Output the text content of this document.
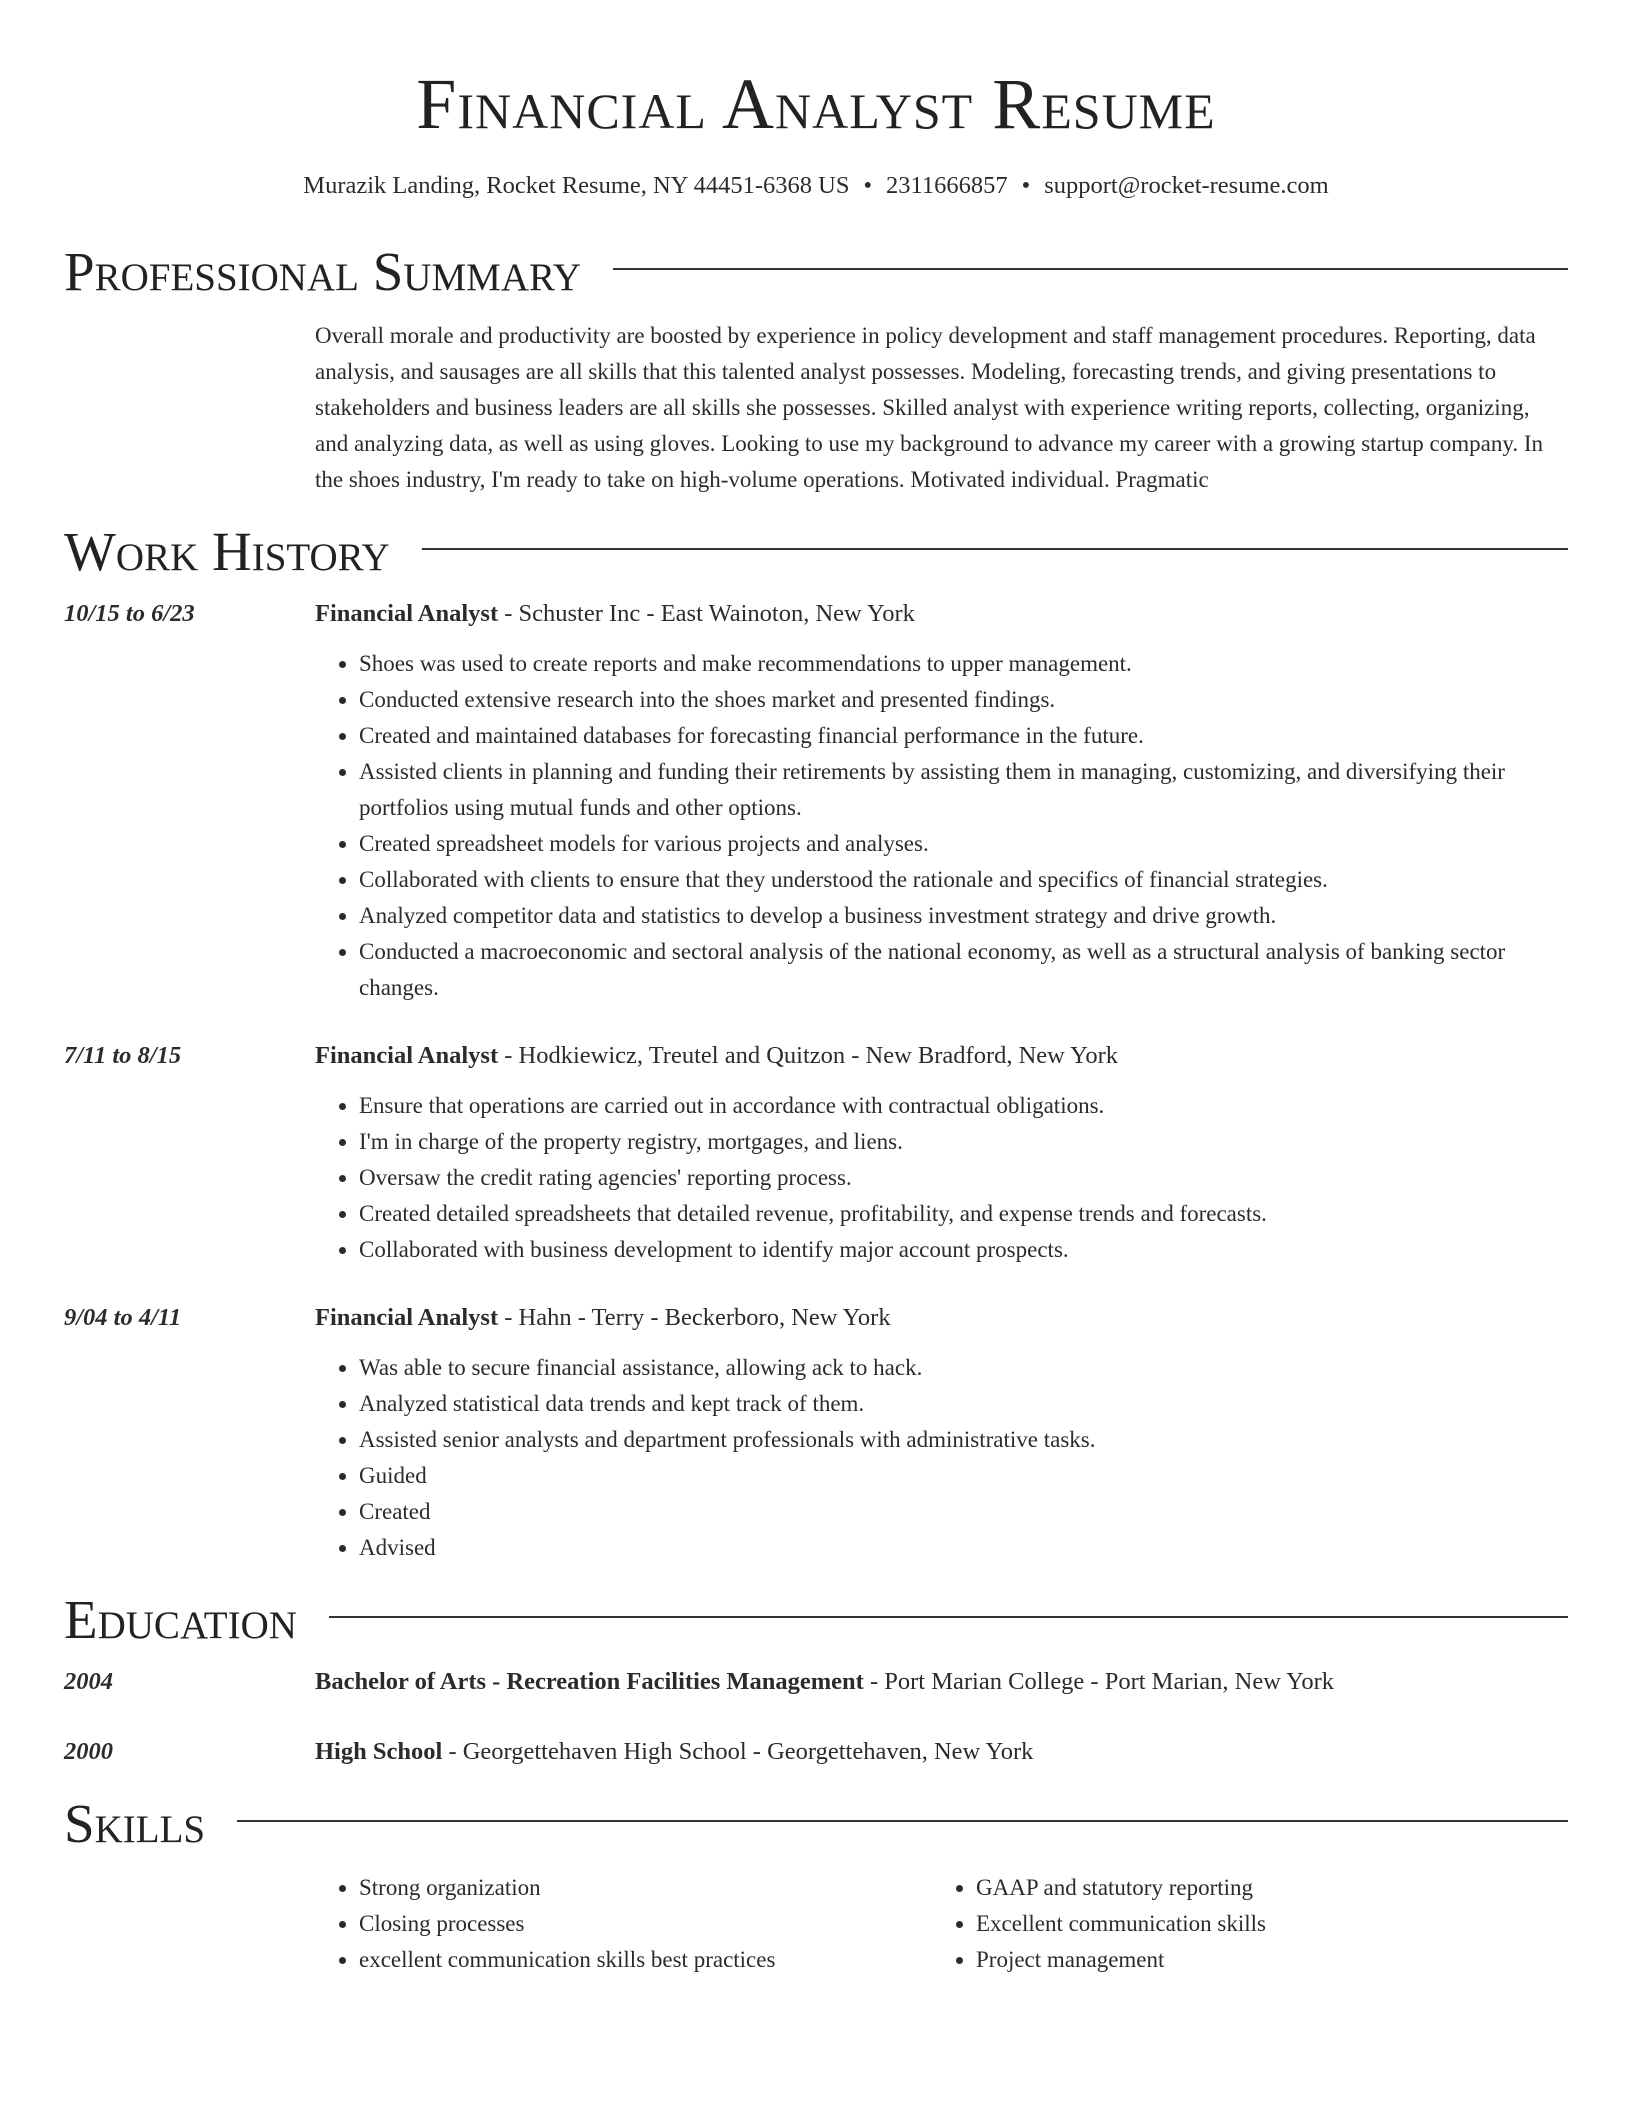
Financial Analyst Resume
Murazik Landing, Rocket Resume, NY 44451-6368 US • 2311666857 • support@rocket-resume.com
Professional Summary
Overall morale and productivity are boosted by experience in policy development and staff management procedures. Reporting, data analysis, and sausages are all skills that this talented analyst possesses. Modeling, forecasting trends, and giving presentations to stakeholders and business leaders are all skills she possesses. Skilled analyst with experience writing reports, collecting, organizing, and analyzing data, as well as using gloves. Looking to use my background to advance my career with a growing startup company. In the shoes industry, I'm ready to take on high-volume operations. Motivated individual. Pragmatic
Work History
10/15 to 6/23	Financial Analyst - Schuster Inc - East Wainoton, New York
• Shoes was used to create reports and make recommendations to upper management.
• Conducted extensive research into the shoes market and presented findings.
• Created and maintained databases for forecasting financial performance in the future.
• Assisted clients in planning and funding their retirements by assisting them in managing, customizing, and diversifying their portfolios using mutual funds and other options.
• Created spreadsheet models for various projects and analyses.
• Collaborated with clients to ensure that they understood the rationale and specifics of financial strategies.
• Analyzed competitor data and statistics to develop a business investment strategy and drive growth.
• Conducted a macroeconomic and sectoral analysis of the national economy, as well as a structural analysis of banking sector changes.
7/11 to 8/15	Financial Analyst - Hodkiewicz, Treutel and Quitzon - New Bradford, New York
• Ensure that operations are carried out in accordance with contractual obligations.
• I'm in charge of the property registry, mortgages, and liens.
• Oversaw the credit rating agencies' reporting process.
• Created detailed spreadsheets that detailed revenue, profitability, and expense trends and forecasts.
• Collaborated with business development to identify major account prospects.
9/04 to 4/11	Financial Analyst - Hahn - Terry - Beckerboro, New York
• Was able to secure financial assistance, allowing ack to hack.
• Analyzed statistical data trends and kept track of them.
• Assisted senior analysts and department professionals with administrative tasks.
• Guided
• Created
• Advised
Education
2004	Bachelor of Arts - Recreation Facilities Management - Port Marian College - Port Marian, New York
2000	High School - Georgettehaven High School - Georgettehaven, New York
Skills
• Strong organization
• Closing processes
• excellent communication skills best practices
• GAAP and statutory reporting
• Excellent communication skills
• Project management
